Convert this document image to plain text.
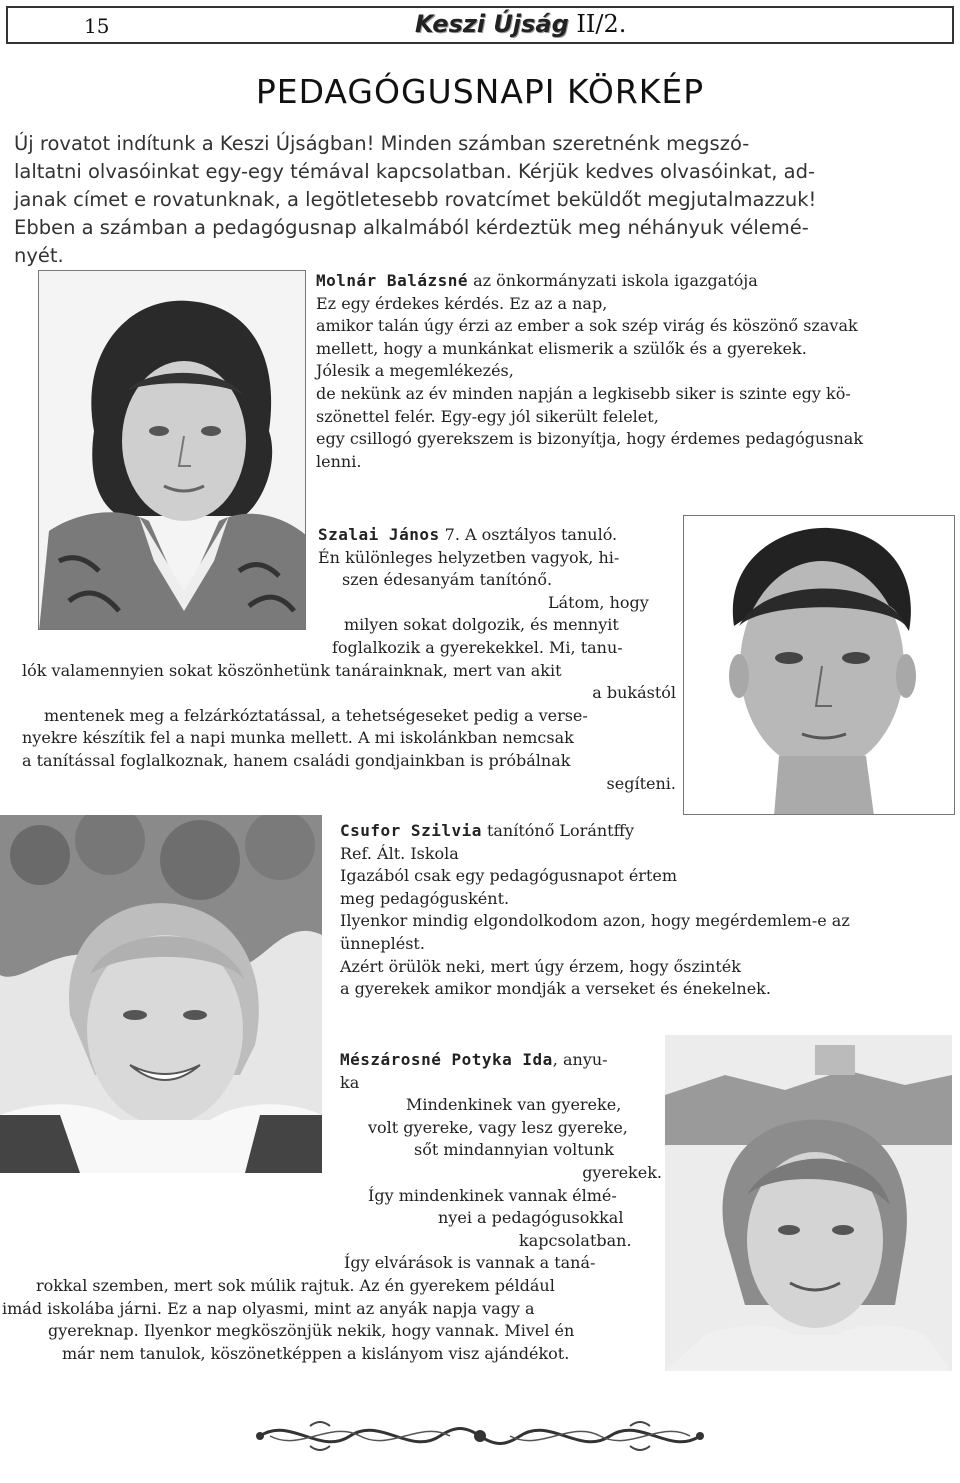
15	Keszi Újság II/2.
PEDAGÓGUSNAPI KÖRKÉP

Új rovatot indítunk a Keszi Újságban! Minden számban szeretnénk megszó-

laltatni olvasóinkat egy-egy témával kapcsolatban. Kérjük kedves olvasóinkat, ad-

janak címet e rovatunknak, a legötletesebb rovatcímet beküldőt megjutalmazzuk!

Ebben a számban a pedagógusnap alkalmából kérdeztük meg néhányuk vélemé-

nyét.

Molnár Balázsné az önkormányzati iskola igazgatója
Ez egy érdekes kérdés. Ez az a nap,
amikor talán úgy érzi az ember a sok szép virág és köszönő szavak
mellett, hogy a munkánkat elismerik a szülők és a gyerekek.
Jólesik a megemlékezés,
de nekünk az év minden napján a legkisebb siker is szinte egy kö-
szönettel felér. Egy-egy jól sikerült felelet,
egy csillogó gyerekszem is bizonyítja, hogy érdemes pedagógusnak
lenni.
Szalai János 7. A osztályos tanuló.
Én különleges helyzetben vagyok, hi-
szen édesanyám tanítónő.
Látom, hogy
milyen sokat dolgozik, és mennyit
foglalkozik a gyerekekkel. Mi, tanu-
lók valamennyien sokat köszönhetünk tanárainknak, mert van akit
a bukástól
mentenek meg a felzárkóztatással, a tehetségeseket pedig a verse-
nyekre készítik fel a napi munka mellett. A mi iskolánkban nemcsak
a tanítással foglalkoznak, hanem családi gondjainkban is próbálnak
segíteni.
Csufor Szilvia tanítónő Lorántffy
Ref. Ált. Iskola
Igazából csak egy pedagógusnapot értem
meg pedagógusként.
Ilyenkor mindig elgondolkodom azon, hogy megérdemlem-e az
ünneplést.
Azért örülök neki, mert úgy érzem, hogy őszinték
a gyerekek amikor mondják a verseket és énekelnek.
Mészárosné Potyka Ida, anyu-
ka
Mindenkinek van gyereke,
volt gyereke, vagy lesz gyereke,
sőt mindannyian voltunk
gyerekek.
Így mindenkinek vannak élmé-
nyei a pedagógusokkal
kapcsolatban.
Így elvárások is vannak a taná-
rokkal szemben, mert sok múlik rajtuk. Az én gyerekem például
imád iskolába járni. Ez a nap olyasmi, mint az anyák napja vagy a
gyereknap. Ilyenkor megköszönjük nekik, hogy vannak. Mivel én
már nem tanulok, köszönetképpen a kislányom visz ajándékot.
